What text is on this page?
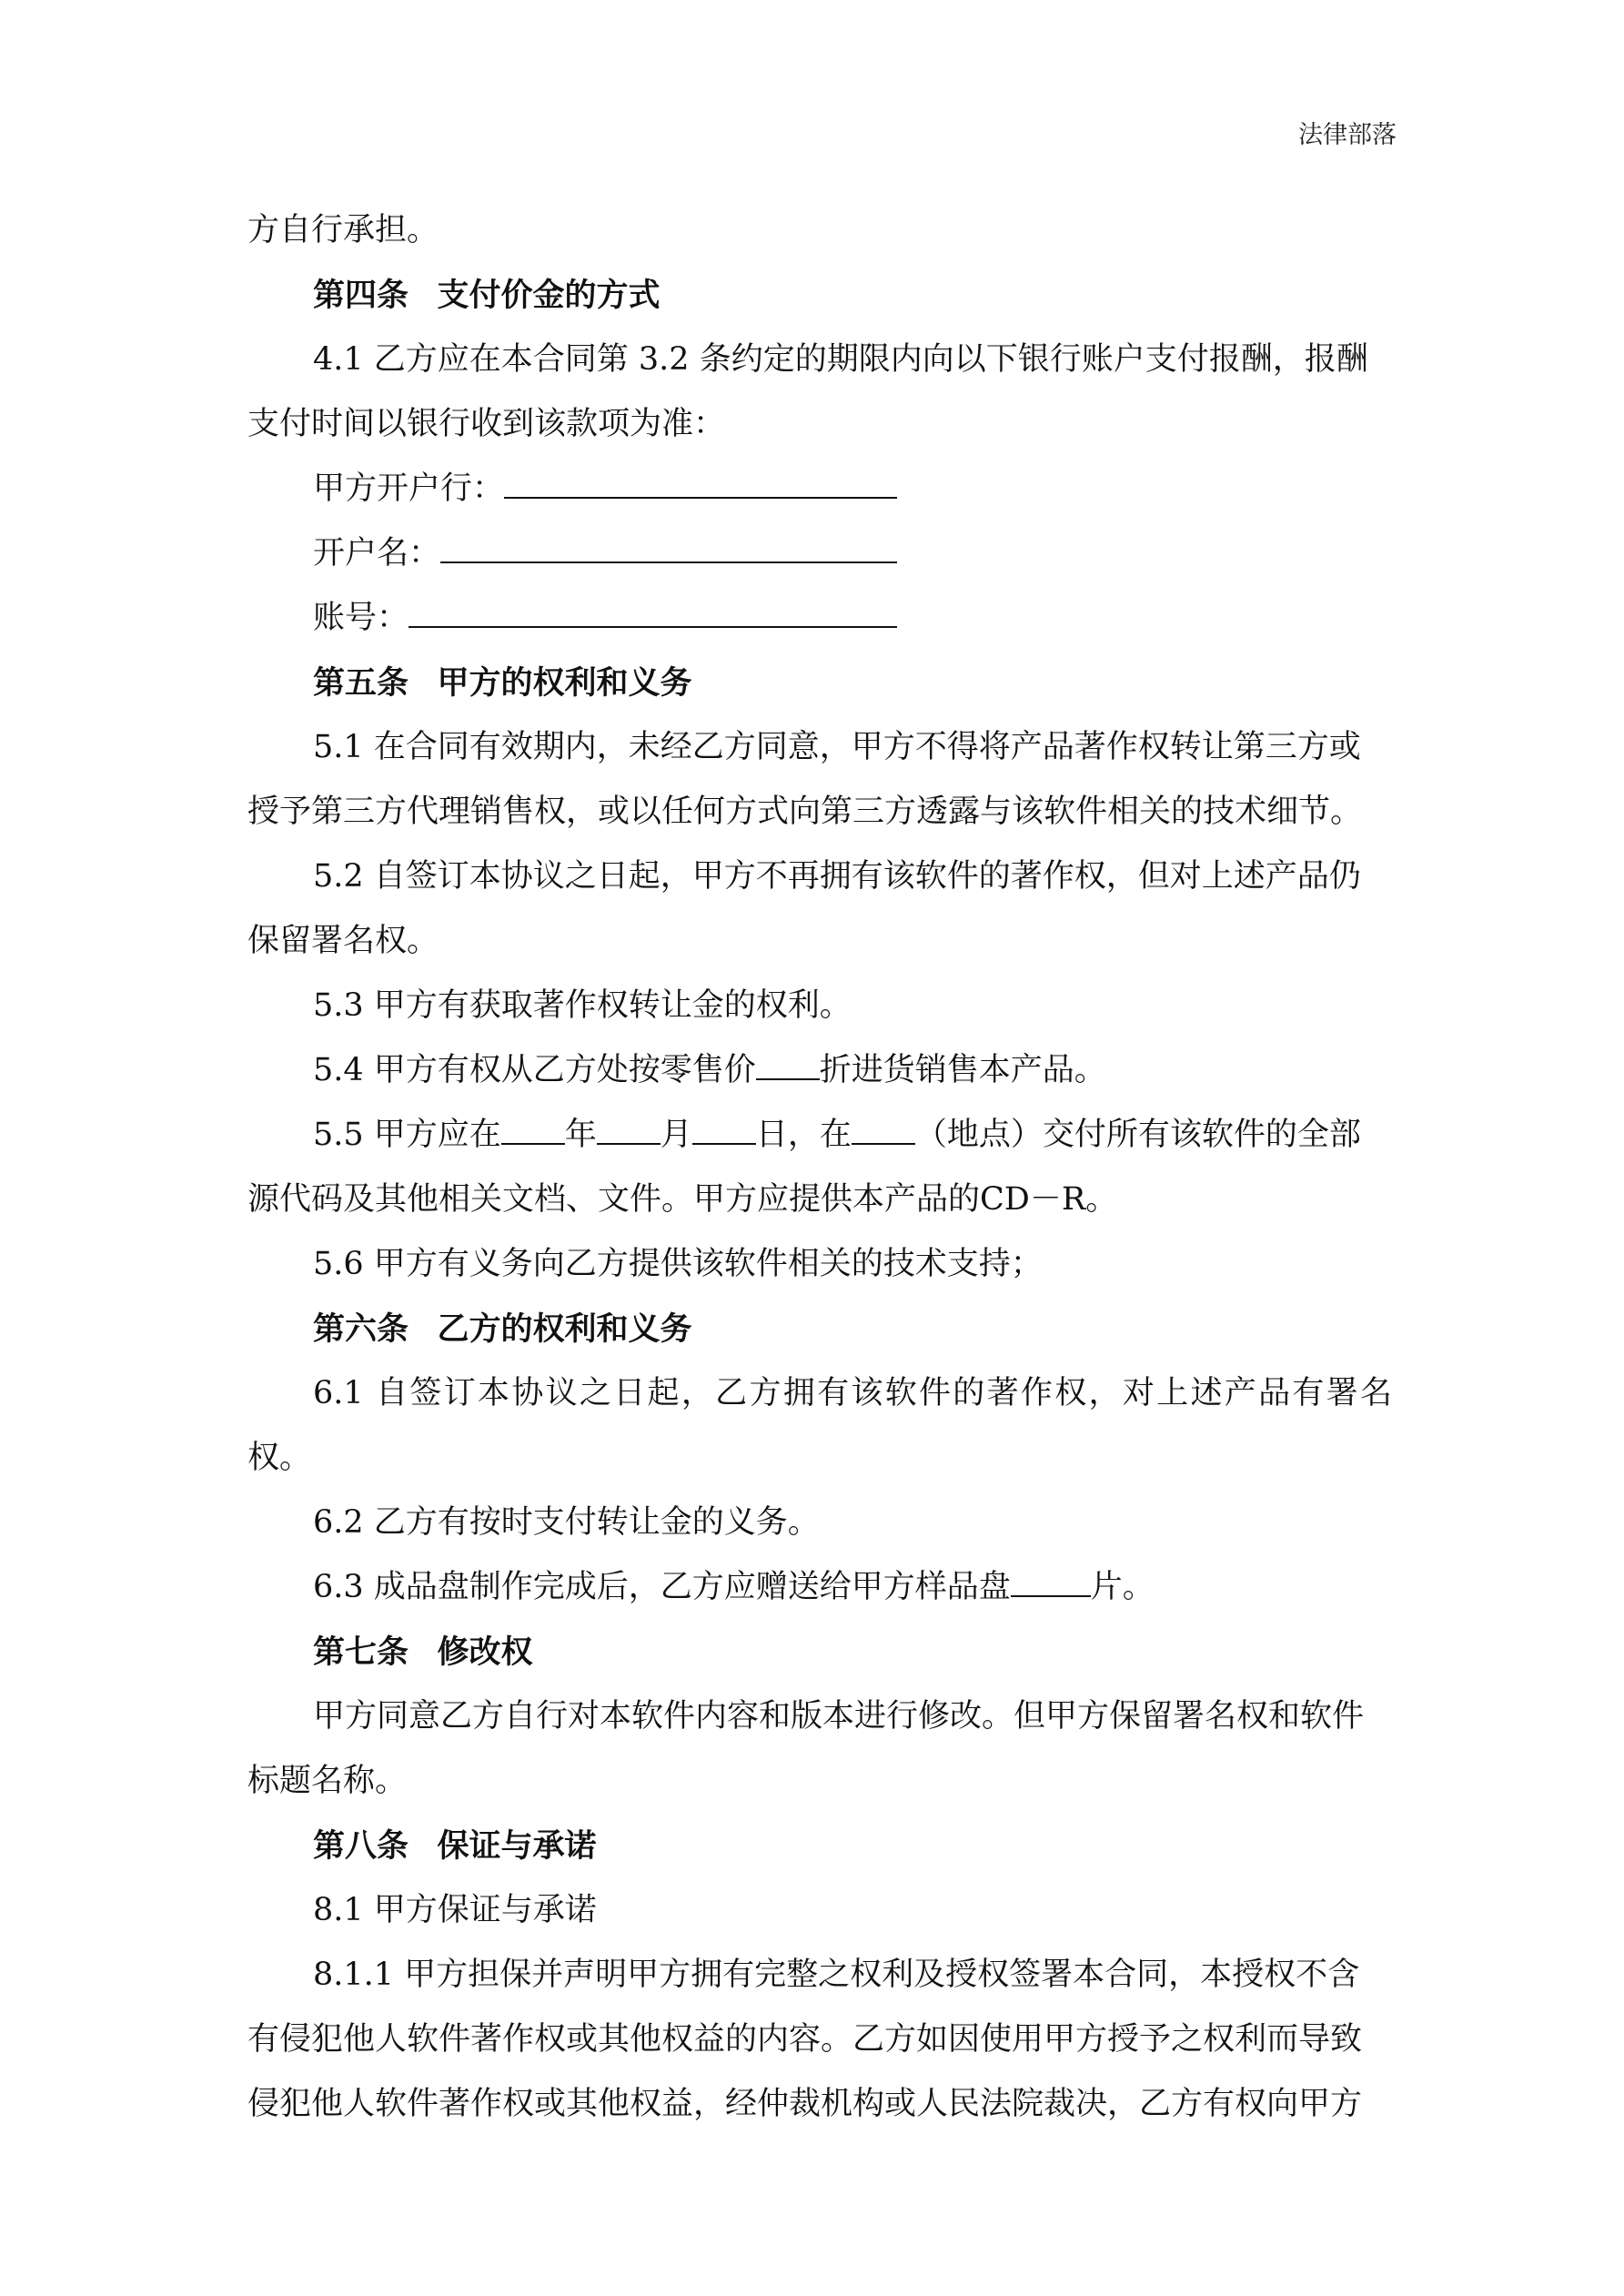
法律部落

方自行承担。

第四条 支付价金的方式

4.1 乙方应在本合同第 3.2 条约定的期限内向以下银行账户支付报酬，报酬

支付时间以银行收到该款项为准：

甲方开户行：

开户名：

账号：

第五条 甲方的权利和义务

5.1 在合同有效期内，未经乙方同意，甲方不得将产品著作权转让第三方或

授予第三方代理销售权，或以任何方式向第三方透露与该软件相关的技术细节。

5.2 自签订本协议之日起，甲方不再拥有该软件的著作权，但对上述产品仍

保留署名权。

5.3 甲方有获取著作权转让金的权利。

5.4 甲方有权从乙方处按零售价 折进货销售本产品。

5.5 甲方应在 年 月 日，在 （地点）交付所有该软件的全部

源代码及其他相关文档、文件。甲方应提供本产品的CD－R。

5.6 甲方有义务向乙方提供该软件相关的技术支持；

第六条 乙方的权利和义务

6.1 自签订本协议之日起，乙方拥有该软件的著作权，对上述产品有署名权。

6.2 乙方有按时支付转让金的义务。

6.3 成品盘制作完成后，乙方应赠送给甲方样品盘	片。

第七条 修改权

甲方同意乙方自行对本软件内容和版本进行修改。但甲方保留署名权和软件

标题名称。

第八条 保证与承诺

8.1 甲方保证与承诺

8.1.1 甲方担保并声明甲方拥有完整之权利及授权签署本合同，本授权不含

有侵犯他人软件著作权或其他权益的内容。乙方如因使用甲方授予之权利而导致

侵犯他人软件著作权或其他权益，经仲裁机构或人民法院裁决，乙方有权向甲方
